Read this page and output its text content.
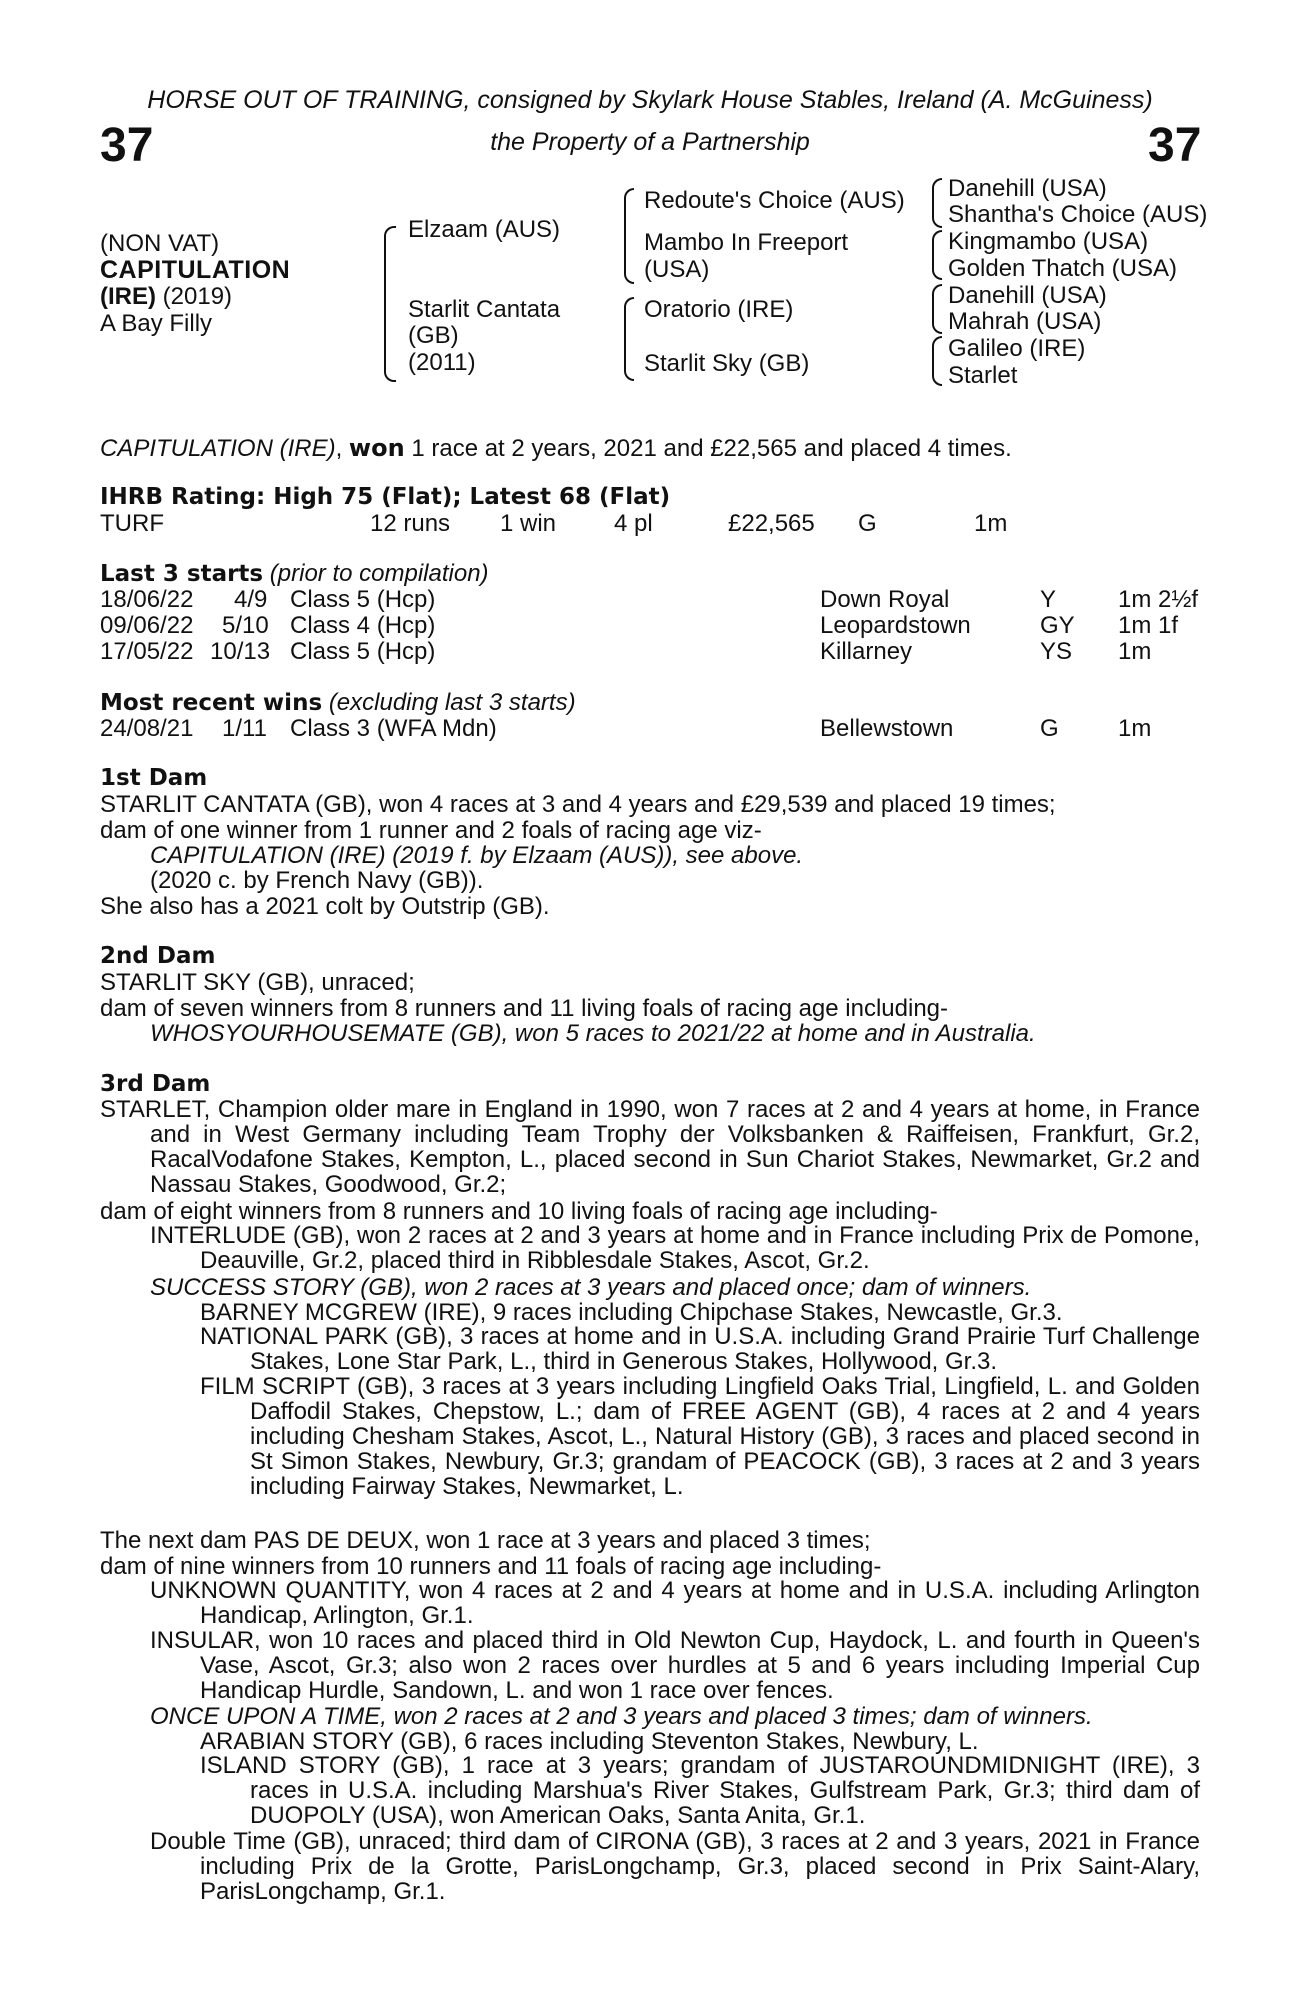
HORSE OUT OF TRAINING, consigned by Skylark House Stables, Ireland (A. McGuiness)
37	the Property of a Partnership	37
(NON VAT)
CAPITULATION
(IRE) (2019)
A Bay Filly
Elzaam (AUS)
Starlit Cantata
(GB)
(2011)
Redoute's Choice (AUS)
Mambo In Freeport
(USA)
Oratorio (IRE)
Starlit Sky (GB)
Danehill (USA)
Shantha's Choice (AUS)
Kingmambo (USA)
Golden Thatch (USA)
Danehill (USA)
Mahrah (USA)
Galileo (IRE)
Starlet
CAPITULATION (IRE), won 1 race at 2 years, 2021 and £22,565 and placed 4 times.
IHRB Rating: High 75 (Flat); Latest 68 (Flat)
TURF	12 runs 1 win 4 pl	£22,565 G	1m
Last 3 starts (prior to compilation)
18/06/22 4/9 Class 5 (Hcp)	Down Royal	Y	1m 2½f
09/06/22 5/10 Class 4 (Hcp)	Leopardstown	GY 1m 1f
17/05/22 10/13 Class 5 (Hcp)	Killarney	YS 1m
Most recent wins (excluding last 3 starts)
24/08/21 1/11 Class 3 (WFA Mdn)	Bellewstown	G 1m
1st Dam
STARLIT CANTATA (GB), won 4 races at 3 and 4 years and £29,539 and placed 19 times;
dam of one winner from 1 runner and 2 foals of racing age viz-
CAPITULATION (IRE) (2019 f. by Elzaam (AUS)), see above.
(2020 c. by French Navy (GB)).
She also has a 2021 colt by Outstrip (GB).
2nd Dam
STARLIT SKY (GB), unraced;
dam of seven winners from 8 runners and 11 living foals of racing age including-
WHOSYOURHOUSEMATE (GB), won 5 races to 2021/22 at home and in Australia.
3rd Dam
STARLET, Champion older mare in England in 1990, won 7 races at 2 and 4 years at home, in France and in West Germany including Team Trophy der Volksbanken & Raiffeisen, Frankfurt, Gr.2, RacalVodafone Stakes, Kempton, L., placed second in Sun Chariot Stakes, Newmarket, Gr.2 and Nassau Stakes, Goodwood, Gr.2;
dam of eight winners from 8 runners and 10 living foals of racing age including-
INTERLUDE (GB), won 2 races at 2 and 3 years at home and in France including Prix de Pomone, Deauville, Gr.2, placed third in Ribblesdale Stakes, Ascot, Gr.2.
SUCCESS STORY (GB), won 2 races at 3 years and placed once; dam of winners.
BARNEY MCGREW (IRE), 9 races including Chipchase Stakes, Newcastle, Gr.3.
NATIONAL PARK (GB), 3 races at home and in U.S.A. including Grand Prairie Turf Challenge Stakes, Lone Star Park, L., third in Generous Stakes, Hollywood, Gr.3.
FILM SCRIPT (GB), 3 races at 3 years including Lingfield Oaks Trial, Lingfield, L. and Golden Daffodil Stakes, Chepstow, L.; dam of FREE AGENT (GB), 4 races at 2 and 4 years including Chesham Stakes, Ascot, L., Natural History (GB), 3 races and placed second in St Simon Stakes, Newbury, Gr.3; grandam of PEACOCK (GB), 3 races at 2 and 3 years including Fairway Stakes, Newmarket, L.
The next dam PAS DE DEUX, won 1 race at 3 years and placed 3 times;
dam of nine winners from 10 runners and 11 foals of racing age including-
UNKNOWN QUANTITY, won 4 races at 2 and 4 years at home and in U.S.A. including Arlington Handicap, Arlington, Gr.1.
INSULAR, won 10 races and placed third in Old Newton Cup, Haydock, L. and fourth in Queen's Vase, Ascot, Gr.3; also won 2 races over hurdles at 5 and 6 years including Imperial Cup Handicap Hurdle, Sandown, L. and won 1 race over fences.
ONCE UPON A TIME, won 2 races at 2 and 3 years and placed 3 times; dam of winners.
ARABIAN STORY (GB), 6 races including Steventon Stakes, Newbury, L.
ISLAND STORY (GB), 1 race at 3 years; grandam of JUSTAROUNDMIDNIGHT (IRE), 3 races in U.S.A. including Marshua's River Stakes, Gulfstream Park, Gr.3; third dam of DUOPOLY (USA), won American Oaks, Santa Anita, Gr.1.
Double Time (GB), unraced; third dam of CIRONA (GB), 3 races at 2 and 3 years, 2021 in France including Prix de la Grotte, ParisLongchamp, Gr.3, placed second in Prix Saint-Alary, ParisLongchamp, Gr.1.
